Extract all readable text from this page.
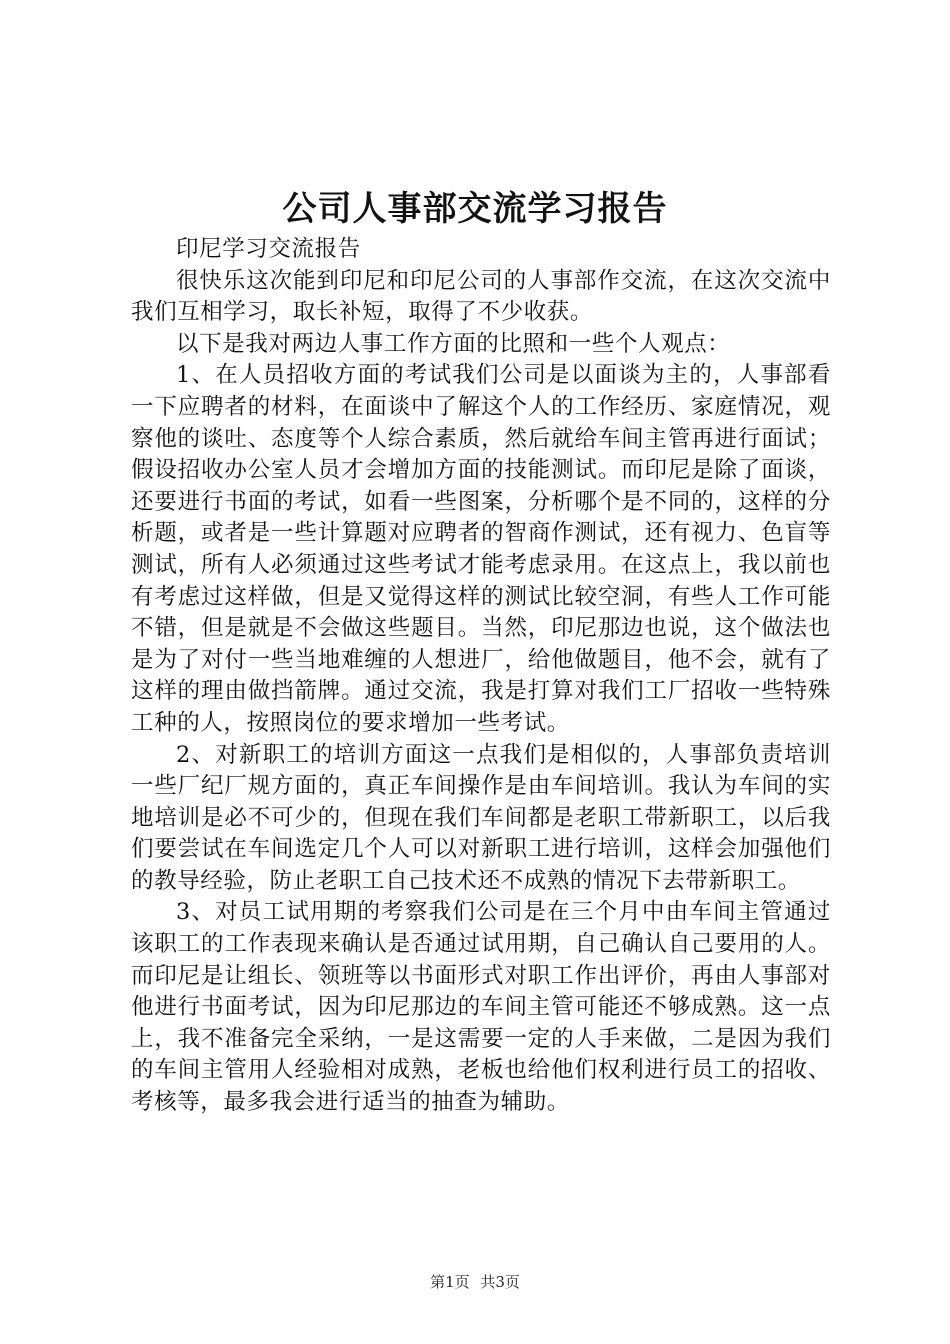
公司人事部交流学习报告

印尼学习交流报告

很快乐这次能到印尼和印尼公司的人事部作交流，在这次交流中我们互相学习，取长补短，取得了不少收获。

以下是我对两边人事工作方面的比照和一些个人观点：

1、在人员招收方面的考试我们公司是以面谈为主的，人事部看一下应聘者的材料，在面谈中了解这个人的工作经历、家庭情况，观察他的谈吐、态度等个人综合素质，然后就给车间主管再进行面试；假设招收办公室人员才会增加方面的技能测试。而印尼是除了面谈，还要进行书面的考试，如看一些图案，分析哪个是不同的，这样的分析题，或者是一些计算题对应聘者的智商作测试，还有视力、色盲等测试，所有人必须通过这些考试才能考虑录用。在这点上，我以前也有考虑过这样做，但是又觉得这样的测试比较空洞，有些人工作可能不错，但是就是不会做这些题目。当然，印尼那边也说，这个做法也是为了对付一些当地难缠的人想进厂，给他做题目，他不会，就有了这样的理由做挡箭牌。通过交流，我是打算对我们工厂招收一些特殊工种的人，按照岗位的要求增加一些考试。

2、对新职工的培训方面这一点我们是相似的，人事部负责培训一些厂纪厂规方面的，真正车间操作是由车间培训。我认为车间的实地培训是必不可少的，但现在我们车间都是老职工带新职工，以后我们要尝试在车间选定几个人可以对新职工进行培训，这样会加强他们的教导经验，防止老职工自己技术还不成熟的情况下去带新职工。

3、对员工试用期的考察我们公司是在三个月中由车间主管通过该职工的工作表现来确认是否通过试用期，自己确认自己要用的人。而印尼是让组长、领班等以书面形式对职工作出评价，再由人事部对他进行书面考试，因为印尼那边的车间主管可能还不够成熟。这一点上，我不准备完全采纳，一是这需要一定的人手来做，二是因为我们的车间主管用人经验相对成熟，老板也给他们权利进行员工的招收、考核等，最多我会进行适当的抽查为辅助。

第1页 共3页
